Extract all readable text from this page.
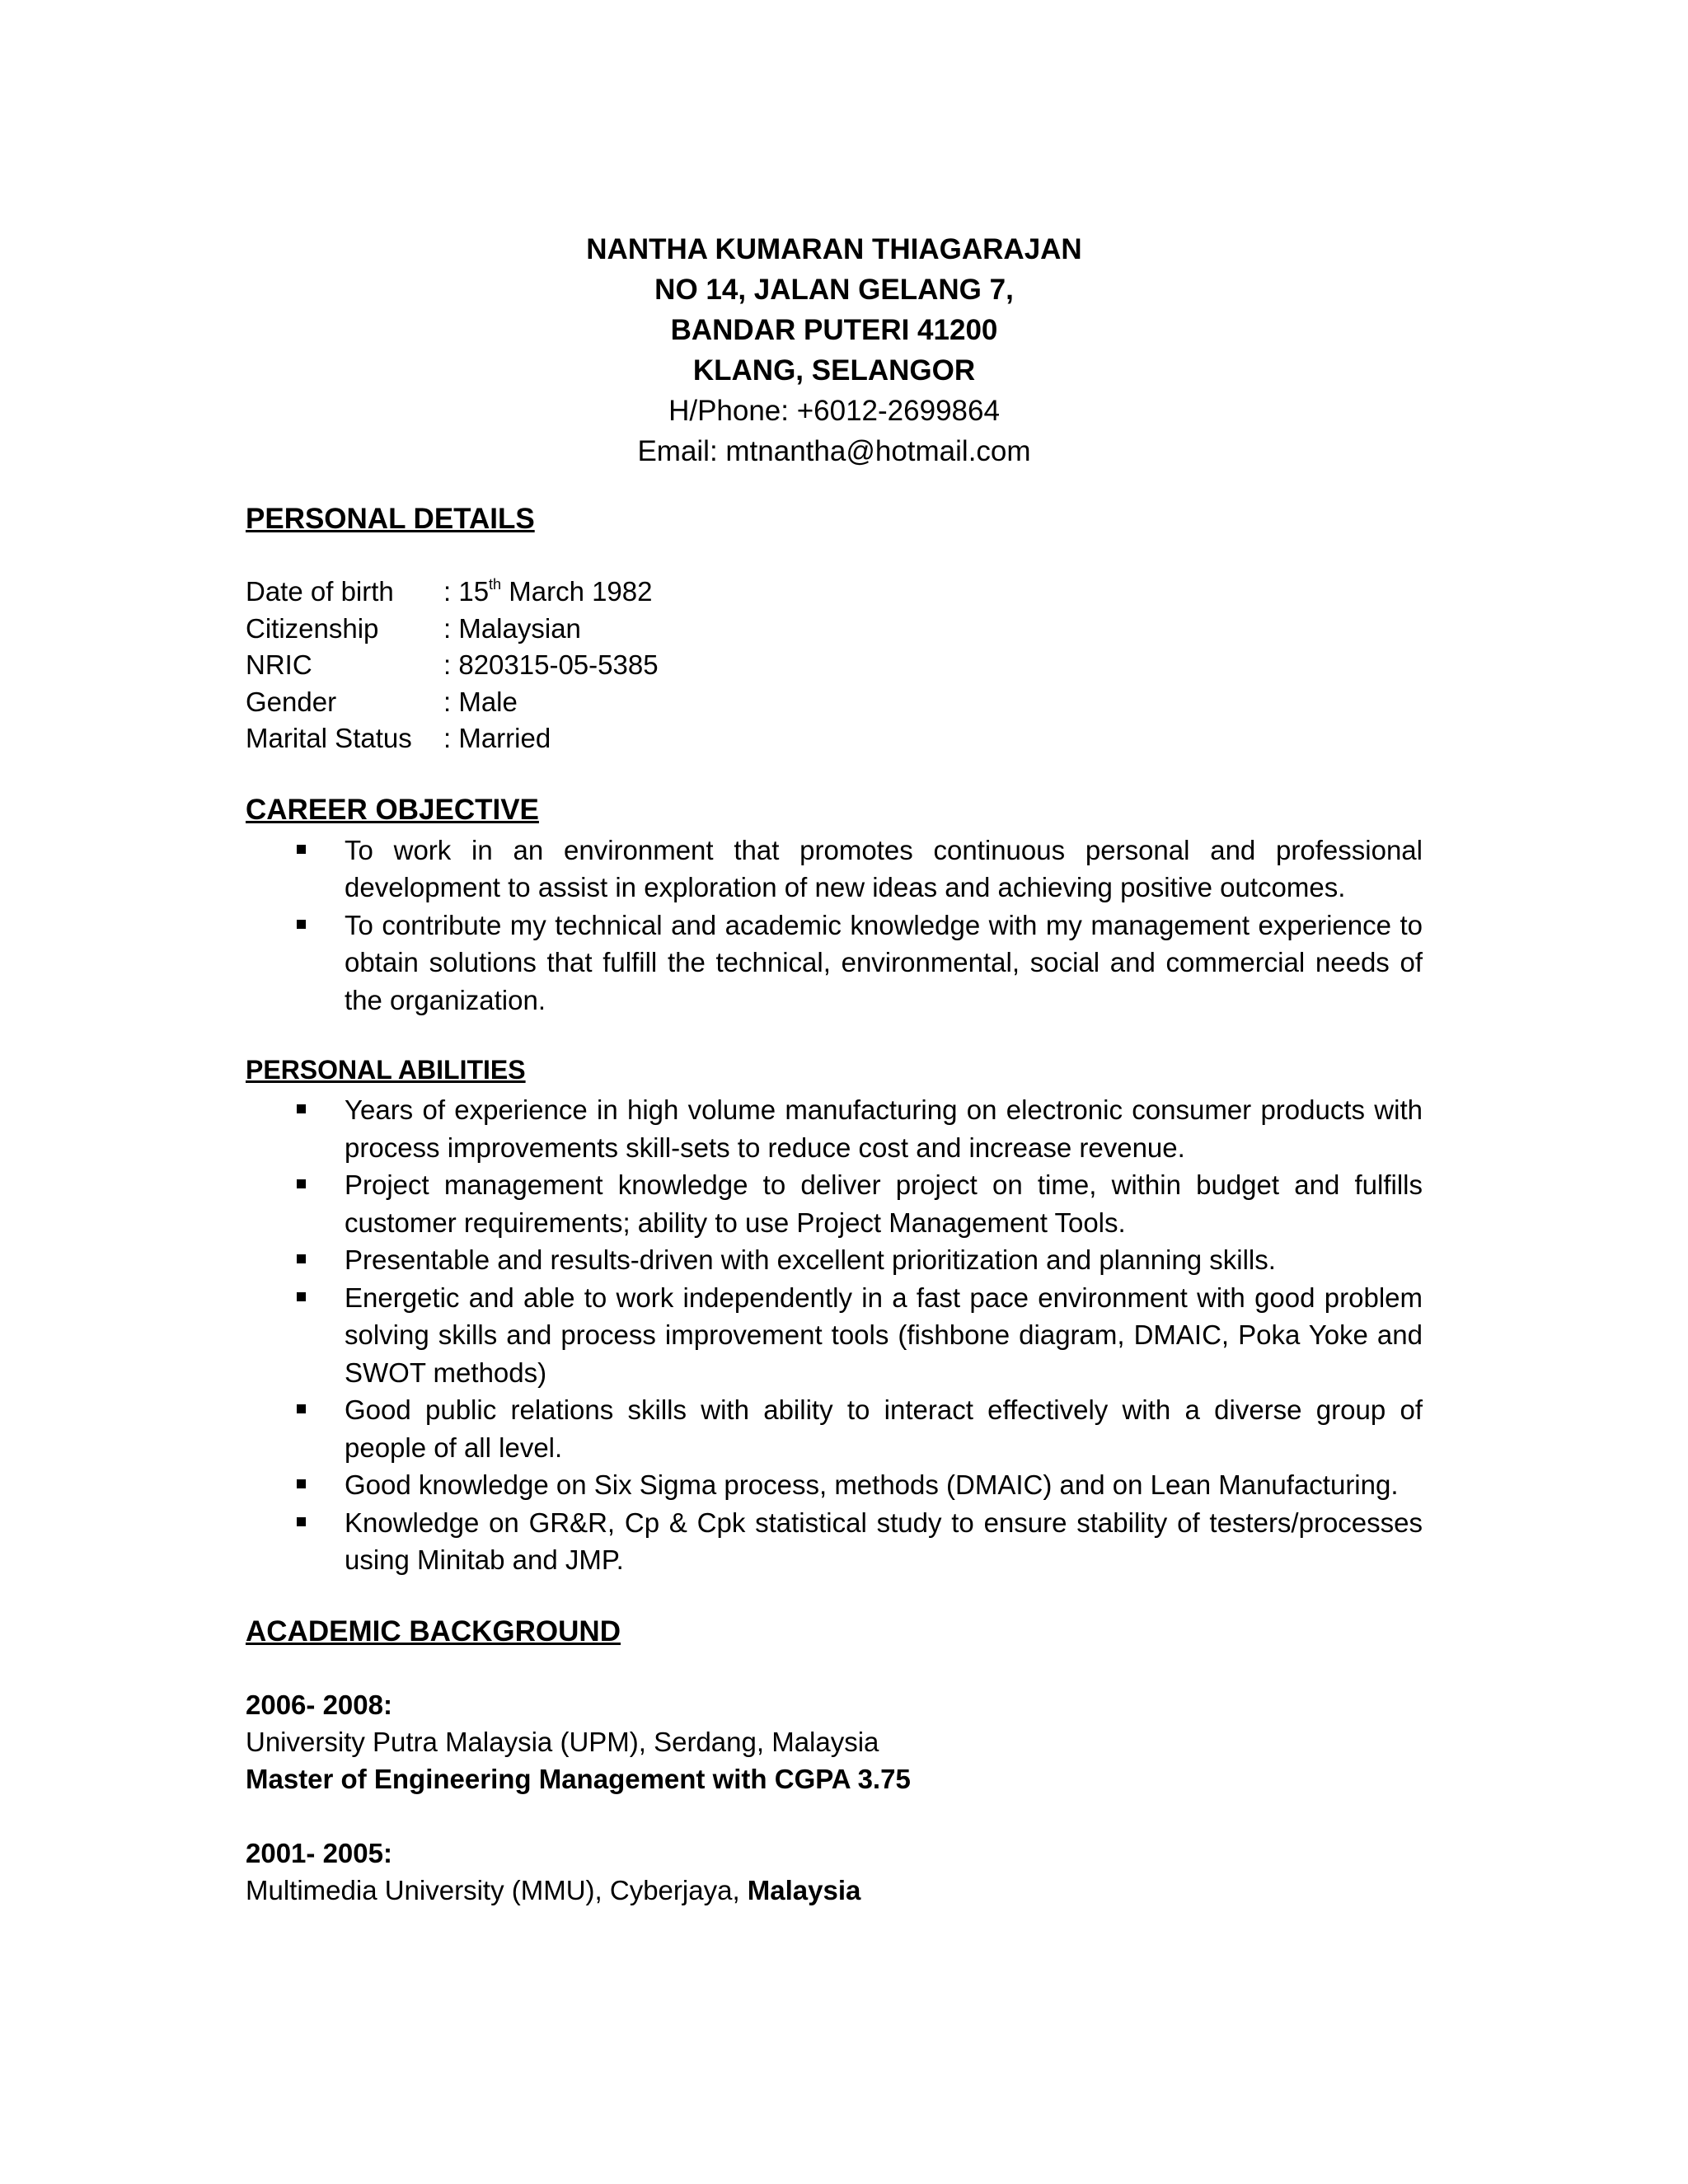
NANTHA KUMARAN THIAGARAJAN
NO 14, JALAN GELANG 7,
BANDAR PUTERI 41200
KLANG, SELANGOR
H/Phone: +6012-2699864
Email: mtnantha@hotmail.com
PERSONAL DETAILS
Date of birth	: 15th March 1982
Citizenship	: Malaysian
NRIC	: 820315-05-5385
Gender	: Male
Marital Status	: Married
CAREER OBJECTIVE
To work in an environment that promotes continuous personal and professional development to assist in exploration of new ideas and achieving positive outcomes.
To contribute my technical and academic knowledge with my management experience to obtain solutions that fulfill the technical, environmental, social and commercial needs of the organization.
PERSONAL ABILITIES
Years of experience in high volume manufacturing on electronic consumer products with process improvements skill-sets to reduce cost and increase revenue.
Project management knowledge to deliver project on time, within budget and fulfills customer requirements; ability to use Project Management Tools.
Presentable and results-driven with excellent prioritization and planning skills.
Energetic and able to work independently in a fast pace environment with good problem solving skills and process improvement tools (fishbone diagram, DMAIC, Poka Yoke and SWOT methods)
Good public relations skills with ability to interact effectively with a diverse group of people of all level.
Good knowledge on Six Sigma process, methods (DMAIC) and on Lean Manufacturing.
Knowledge on GR&R, Cp & Cpk statistical study to ensure stability of testers/processes using Minitab and JMP.
ACADEMIC BACKGROUND
2006- 2008:
University Putra Malaysia (UPM), Serdang, Malaysia
Master of Engineering Management with CGPA 3.75
2001- 2005:
Multimedia University (MMU), Cyberjaya, Malaysia
